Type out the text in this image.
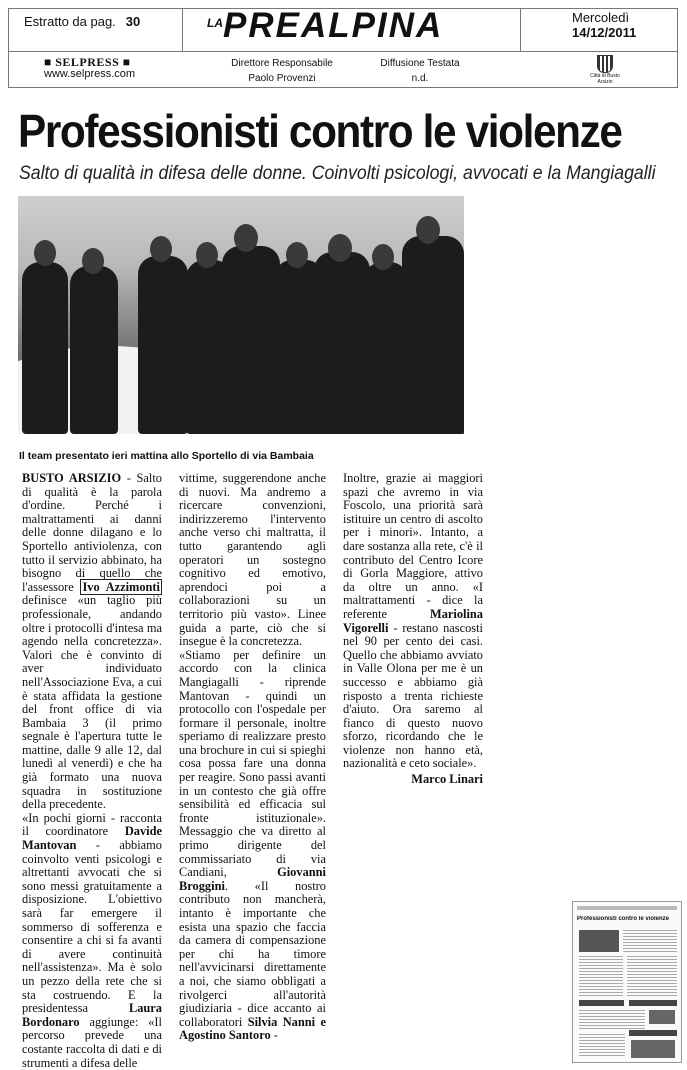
Estratto da pag. 30	LA PREALPINA	Mercoledì
14/12/2011
■ SELPRESS ■
www.selpress.com
Direttore Responsabile
Paolo Provenzi
Diffusione Testata
n.d.	Città di Busto Arsizio
Professionisti contro le violenze
Salto di qualità in difesa delle donne. Coinvolti psicologi, avvocati e la Mangiagalli
Il team presentato ieri mattina allo Sportello di via Bambaia

BUSTO ARSIZIO - Salto di qualità è la parola d'ordine. Perché i maltrattamenti ai danni delle donne dilagano e lo Sportello antiviolenza, con tutto il servizio abbinato, ha bisogno di quello che l'assessore Ivo Azzimonti definisce «un taglio più professionale, andando oltre i protocolli d'intesa ma agendo nella concretezza». Valori che è convinto di aver individuato nell'Associazione Eva, a cui è stata affidata la gestione del front office di via Bambaia 3 (il primo segnale è l'apertura tutte le mattine, dalle 9 alle 12, dal lunedì al venerdì) e che ha già formato una nuova squadra in sostituzione della precedente.

«In pochi giorni - racconta il coordinatore Davide Mantovan - abbiamo coinvolto venti psicologi e altrettanti avvocati che si sono messi gratuitamente a disposizione. L'obiettivo sarà far emergere il sommerso di sofferenza e consentire a chi si fa avanti di avere continuità nell'assistenza». Ma è solo un pezzo della rete che si sta costruendo. E la presidentessa Laura Bordonaro aggiunge: «Il percorso prevede una costante raccolta di dati e di strumenti a difesa delle

vittime, suggerendone anche di nuovi. Ma andremo a ricercare convenzioni, indirizzeremo l'intervento anche verso chi maltratta, il tutto garantendo agli operatori un sostegno cognitivo ed emotivo, aprendoci poi a collaborazioni su un territorio più vasto». Linee guida a parte, ciò che si insegue è la concretezza.

«Stiamo per definire un accordo con la clinica Mangiagalli - riprende Mantovan - quindi un protocollo con l'ospedale per formare il personale, inoltre speriamo di realizzare presto una brochure in cui si spieghi cosa possa fare una donna per reagire. Sono passi avanti in un contesto che già offre sensibilità ed efficacia sul fronte istituzionale». Messaggio che va diretto al primo dirigente del commissariato di via Candiani, Giovanni Broggini. «Il nostro contributo non mancherà, intanto è importante che esista una spazio che faccia da camera di compensazione per chi ha timore nell'avvicinarsi direttamente a noi, che siamo obbligati a rivolgerci all'autorità giudiziaria - dice accanto ai collaboratori Silvia Nanni e Agostino Santoro -

Inoltre, grazie ai maggiori spazi che avremo in via Foscolo, una priorità sarà istituire un centro di ascolto per i minori». Intanto, a dare sostanza alla rete, c'è il contributo del Centro Icore di Gorla Maggiore, attivo da oltre un anno. «I maltrattamenti - dice la referente Mariolina Vigorelli - restano nascosti nel 90 per cento dei casi. Quello che abbiamo avviato in Valle Olona per me è un successo e abbiamo già risposto a trenta richieste d'aiuto. Ora saremo al fianco di questo nuovo sforzo, ricordando che le violenze non hanno età, nazionalità e ceto sociale».

Marco Linari
Professionisti contro le violenze
